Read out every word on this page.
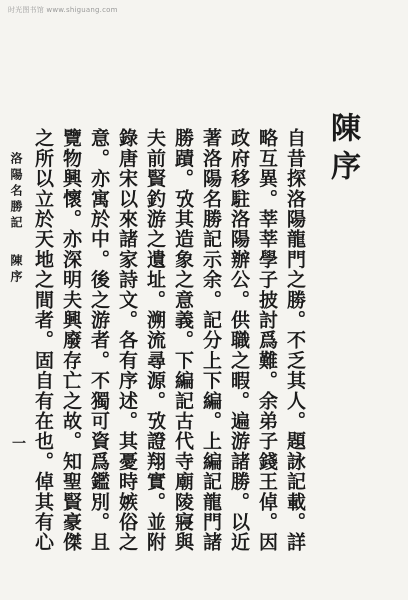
时光图书馆 www.shiguang.com
陳序
自昔探洛陽龍門之勝。不乏其人。題詠記載。詳
略互異。莘莘學子披討爲難。余弟子錢王倬。因
政府移駐洛陽辦公。供職之暇。遍游諸勝。以近
著洛陽名勝記示余。記分上下編。上編記龍門諸
勝蹟。攷其造象之意義。下編記古代寺廟陵寢與
夫前賢釣游之遺址。溯流尋源。攷證翔實。並附
錄唐宋以來諸家詩文。各有序述。其憂時嫉俗之
意。亦寓於中。後之游者。不獨可資爲鑑別。且
覽物興懷。亦深明夫興廢存亡之故。知聖賢豪傑
之所以立於天地之間者。固自有在也。倬其有心
洛陽名勝記陳序
一
